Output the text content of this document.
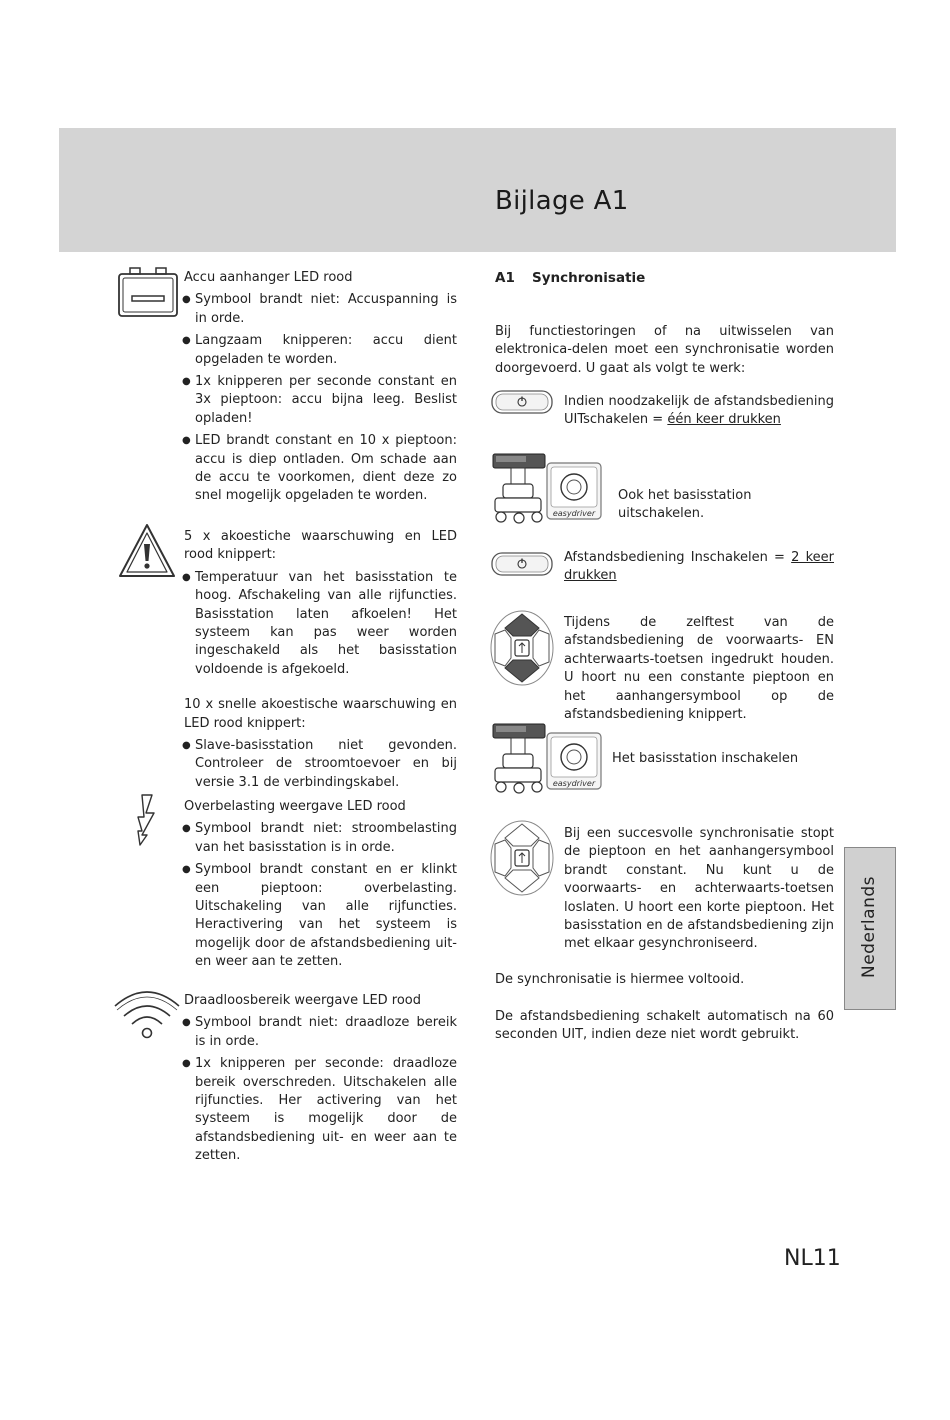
Bijlage A1

Accu aanhanger LED rood

● Symbool brandt niet: Accuspanning is in orde.
● Langzaam knipperen: accu dient opgeladen te worden.
● 1x knipperen per seconde constant en 3x pieptoon: accu bijna leeg. Beslist opladen!
● LED brandt constant en 10 x pieptoon: accu is diep ontladen. Om schade aan de accu te voorkomen, dient deze zo snel mogelijk opgeladen te worden.

5 x akoestiche waarschuwing en LED rood knippert:

● Temperatuur van het basisstation te hoog. Afschakeling van alle rijfuncties. Basisstation laten afkoelen! Het systeem kan pas weer worden ingeschakeld als het basisstation voldoende is afgekoeld.

10 x snelle akoestische waarschuwing en LED rood knippert:

● Slave-basisstation niet gevonden. Controleer de stroomtoevoer en bij versie 3.1 de verbindingskabel.

Overbelasting weergave LED rood

● Symbool brandt niet: stroombelasting van het basisstation is in orde.
● Symbool brandt constant en er klinkt een pieptoon: overbelasting. Uitschakeling van alle rijfuncties. Heractivering van het systeem is mogelijk door de afstandsbediening uit- en weer aan te zetten.

Draadloosbereik weergave LED rood

● Symbool brandt niet: draadloze bereik is in orde.
● 1x knipperen per seconde: draadloze bereik overschreden. Uitschakelen alle rijfuncties. Her activering van het systeem is mogelijk door de afstandsbediening uit- en weer aan te zetten.
A1 Synchronisatie
Bij functiestoringen of na uitwisselen van elektronica-delen moet een synchronisatie worden doorgevoerd. U gaat als volgt te werk:
Indien noodzakelijk de afstandsbediening UITschakelen = één keer drukken
easydriver
Ook het basisstation uitschakelen.
Afstandsbediening Inschakelen = 2 keer drukken
Tijdens de zelftest van de afstandsbediening de voorwaarts- EN achterwaarts-toetsen ingedrukt houden. U hoort nu een constante pieptoon en het aanhangersymbool op de afstandsbediening knippert.
easydriver
Het basisstation inschakelen
Bij een succesvolle synchronisatie stopt de pieptoon en het aanhangersymbool brandt constant. Nu kunt u de voorwaarts- en achterwaarts-toetsen loslaten. U hoort een korte pieptoon. Het basisstation en de afstandsbediening zijn met elkaar gesynchroniseerd.
De synchronisatie is hiermee voltooid.
De afstandsbediening schakelt automatisch na 60 seconden UIT, indien deze niet wordt gebruikt.
Nederlands
NL11
